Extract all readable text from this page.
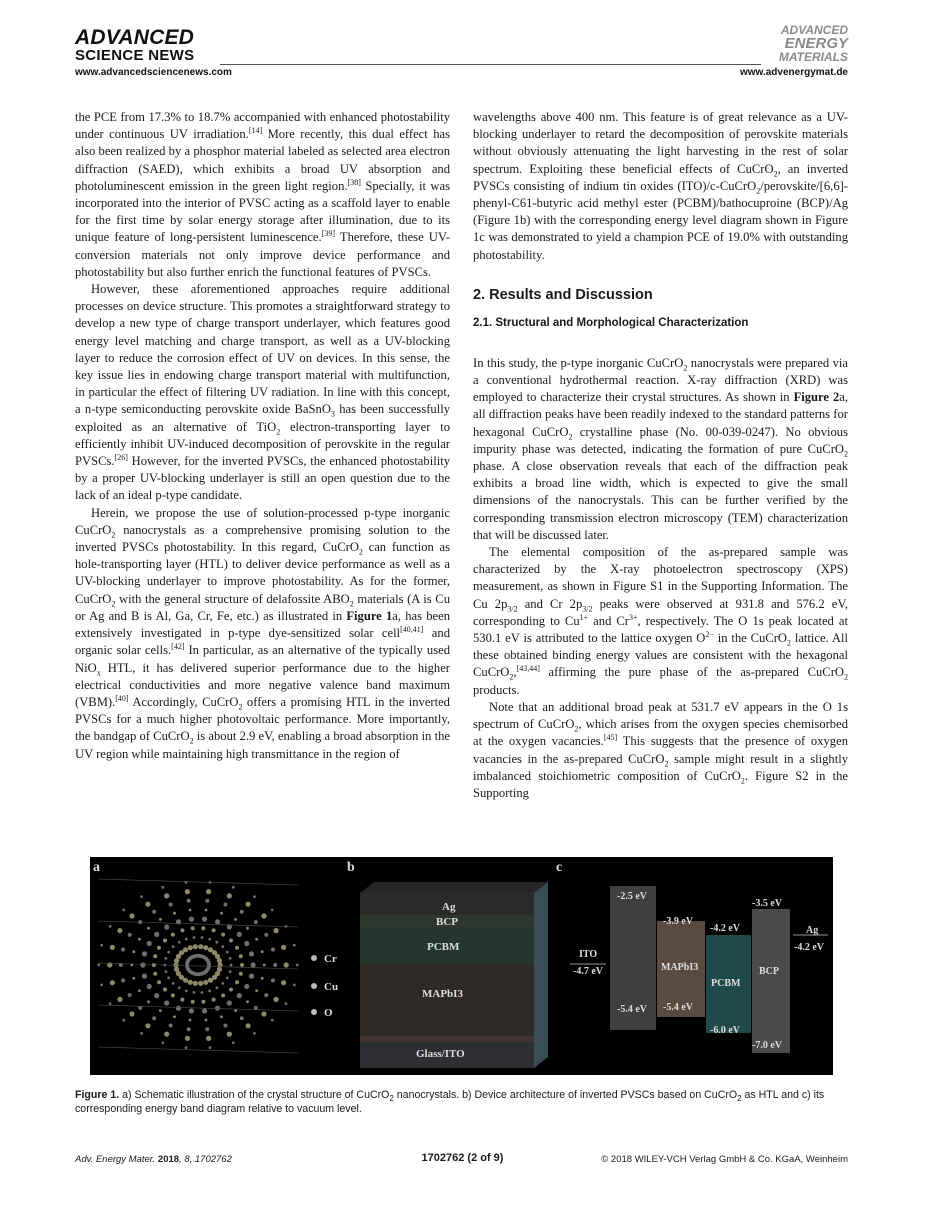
ADVANCED
SCIENCE NEWS
ADVANCED
ENERGY
MATERIALS
www.advancedsciencenews.com	www.advenergymat.de

the PCE from 17.3% to 18.7% accompanied with enhanced photostability under continuous UV irradiation.[14] More recently, this dual effect has also been realized by a phosphor material labeled as selected area electron diffraction (SAED), which exhibits a broad UV absorption and photoluminescent emission in the green light region.[38] Specially, it was incorporated into the interior of PVSC acting as a scaffold layer to enable for the first time by solar energy storage after illumination, due to its unique feature of long-persistent luminescence.[39] Therefore, these UV-conversion materials not only improve device performance and photostability but also further enrich the functional features of PVSCs.

However, these aforementioned approaches require additional processes on device structure. This promotes a straightforward strategy to develop a new type of charge transport underlayer, which features good energy level matching and charge transport, as well as a UV-blocking layer to reduce the corrosion effect of UV on devices. In this sense, the key issue lies in endowing charge transport material with multifunction, in particular the effect of filtering UV radiation. In line with this concept, a n-type semiconducting perovskite oxide BaSnO$_3$ has been successfully exploited as an alternative of TiO$_2$ electron-transporting layer to efficiently inhibit UV-induced decomposition of perovskite in the regular PVSCs.[26] However, for the inverted PVSCs, the enhanced photostability by a proper UV-blocking underlayer is still an open question due to the lack of an ideal p-type candidate.

Herein, we propose the use of solution-processed p-type inorganic CuCrO$_2$ nanocrystals as a comprehensive promising solution to the inverted PVSCs photostability. In this regard, CuCrO$_2$ can function as hole-transporting layer (HTL) to deliver device performance as well as a UV-blocking underlayer to improve photostability. As for the former, CuCrO$_2$ with the general structure of delafossite $ABO_2$ materials (A is Cu or Ag and B is Al, Ga, Cr, Fe, etc.) as illustrated in Figure 1a, has been extensively investigated in p-type dye-sensitized solar cell[40,41] and organic solar cells.[42] In particular, as an alternative of the typically used NiO$_x$ HTL, it has delivered superior performance due to the higher electrical conductivities and more negative valence band maximum (VBM).[40] Accordingly, CuCrO$_2$ offers a promising HTL in the inverted PVSCs for a much higher photovoltaic performance. More importantly, the bandgap of CuCrO$_2$ is about 2.9 eV, enabling a broad absorption in the UV region while maintaining high transmittance in the region of

wavelengths above 400 nm. This feature is of great relevance as a UV-blocking underlayer to retard the decomposition of perovskite materials without obviously attenuating the light harvesting in the rest of solar spectrum. Exploiting these beneficial effects of CuCrO$_2$, an inverted PVSCs consisting of indium tin oxides (ITO)/c-CuCrO$_2$/perovskite/[6,6]-phenyl-C61-butyric acid methyl ester (PCBM)/bathocuproine (BCP)/Ag (Figure 1b) with the corresponding energy level diagram shown in Figure 1c was demonstrated to yield a champion PCE of 19.0% with outstanding photostability.

2. Results and Discussion
2.1. Structural and Morphological Characterization

In this study, the p-type inorganic CuCrO$_2$ nanocrystals were prepared via a conventional hydrothermal reaction. X-ray diffraction (XRD) was employed to characterize their crystal structures. As shown in Figure 2a, all diffraction peaks have been readily indexed to the standard patterns for hexagonal CuCrO$_2$ crystalline phase (No. 00-039-0247). No obvious impurity phase was detected, indicating the formation of pure CuCrO$_2$ phase. A close observation reveals that each of the diffraction peak exhibits a broad line width, which is expected to give the small dimensions of the nanocrystals. This can be further verified by the corresponding transmission electron microscopy (TEM) characterization that will be discussed later.

The elemental composition of the as-prepared sample was characterized by the X-ray photoelectron spectroscopy (XPS) measurement, as shown in Figure S1 in the Supporting Information. The Cu $2p_{3/2}$ and Cr $2p_{3/2}$ peaks were observed at 931.8 and 576.2 eV, corresponding to $Cu^{1+}$ and $Cr^{3+}$, respectively. The O 1s peak located at 530.1 eV is attributed to the lattice oxygen $O^{2-}$ in the CuCrO$_2$ lattice. All these obtained binding energy values are consistent with the hexagonal CuCrO$_2$,[43,44] affirming the pure phase of the as-prepared CuCrO$_2$ products.

Note that an additional broad peak at 531.7 eV appears in the O 1s spectrum of CuCrO$_2$, which arises from the oxygen species chemisorbed at the oxygen vacancies.[45] This suggests that the presence of oxygen vacancies in the as-prepared CuCrO$_2$ sample might result in a slightly imbalanced stoichiometric composition of CuCrO$_2$. Figure S2 in the Supporting

a
Cr
Cu
O
b
Ag
BCP
PCBM
MAPbI3
Glass/ITO
c
ITO
-4.7 eV
-2.5 eV
-5.4 eV
-3.9 eV
MAPbI3
-5.4 eV
-4.2 eV
PCBM
-6.0 eV
-3.5 eV
BCP
-7.0 eV
Ag
-4.2 eV
Figure 1. a) Schematic illustration of the crystal structure of CuCrO$_2$ nanocrystals. b) Device architecture of inverted PVSCs based on CuCrO$_2$ as HTL and c) its corresponding energy band diagram relative to vacuum level.
Adv. Energy Mater. 2018, 8, 1702762	1702762 (2 of 9)	© 2018 WILEY-VCH Verlag GmbH & Co. KGaA, Weinheim
